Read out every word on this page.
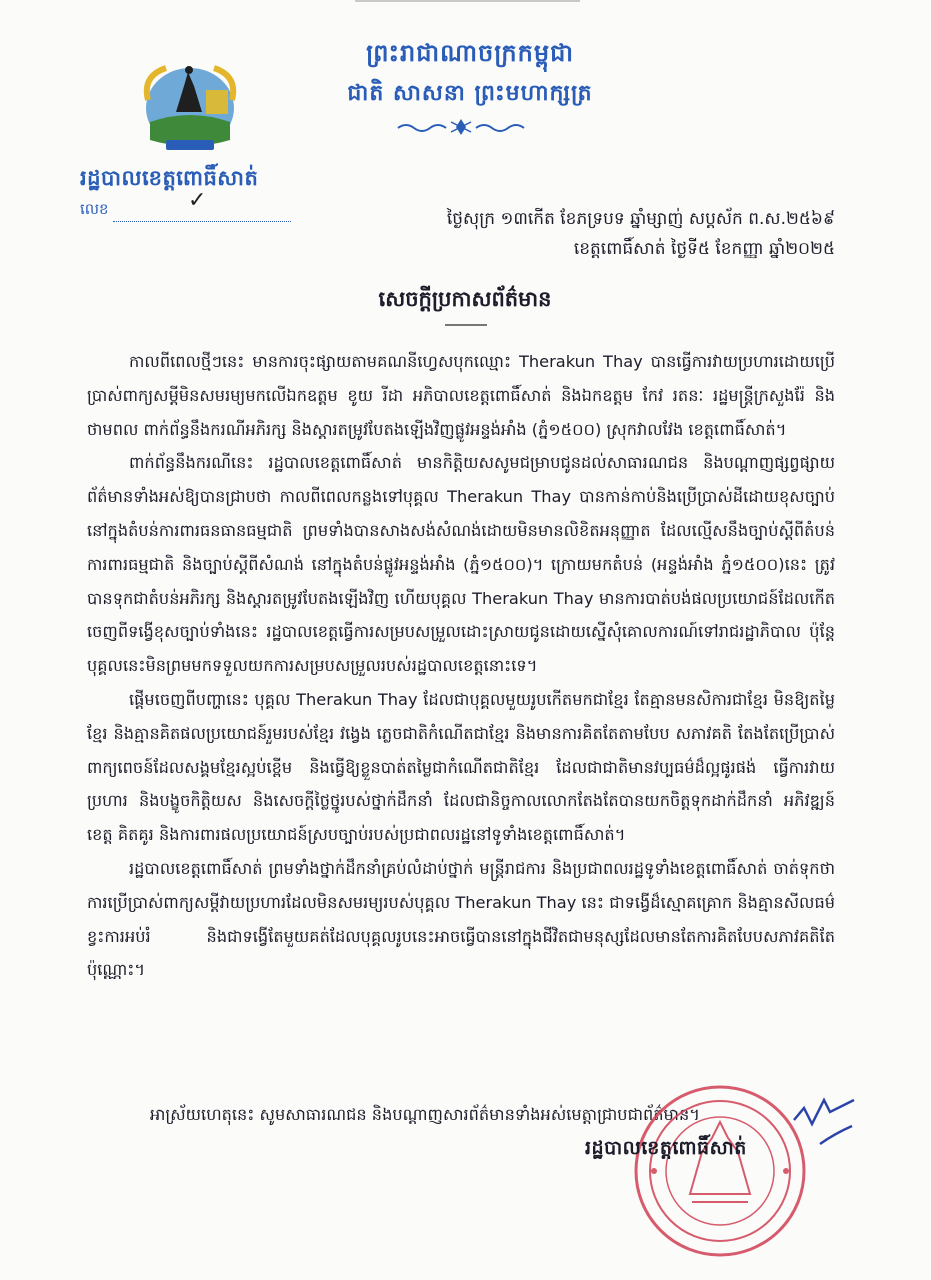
ព្រះរាជាណាចក្រកម្ពុជា
ជាតិ សាសនា ព្រះមហាក្សត្រ
រដ្ឋបាលខេត្តពោធិ៍សាត់
លេខ	✓
ថ្ងៃសុក្រ ១៣កើត ខែភទ្របទ ឆ្នាំម្សាញ់ សប្តស័ក ព.ស.២៥៦៩
ខេត្តពោធិ៍សាត់ ថ្ងៃទី៥ ខែកញ្ញា ឆ្នាំ២០២៥
សេចក្ដីប្រកាសព័ត៌មាន

កាលពីពេលថ្មីៗនេះ មានការចុះផ្សាយតាមគណនីហ្វេសបុកឈ្មោះ Therakun Thay បានធ្វើការវាយប្រហារដោយប្រើប្រាស់ពាក្យសម្តីមិនសមរម្យមកលើឯកឧត្តម ខូយ រីដា អភិបាលខេត្តពោធិ៍សាត់ និងឯកឧត្តម កែវ រតនៈ រដ្ឋមន្ត្រីក្រសួងរ៉ែ និងថាមពល ពាក់ព័ន្ធនឹងករណីអភិរក្ស និងស្តារតម្រូវបែតងឡើងវិញផ្លូវអន្ទង់អាំង (ភ្នំ១៥០០) ស្រុកវាលវែង ខេត្តពោធិ៍សាត់។

ពាក់ព័ន្ធនឹងករណីនេះ រដ្ឋបាលខេត្តពោធិ៍សាត់ មានកិត្តិយសសូមជម្រាបជូនដល់សាធារណជន និងបណ្តាញផ្សព្វផ្សាយព័ត៌មានទាំងអស់ឱ្យបានជ្រាបថា កាលពីពេលកន្លងទៅបុគ្គល Therakun Thay បានកាន់កាប់និងប្រើប្រាស់ដីដោយខុសច្បាប់នៅក្នុងតំបន់ការពារធនធានធម្មជាតិ ព្រមទាំងបានសាងសង់សំណង់ដោយមិនមានលិខិតអនុញ្ញាត ដែលល្មើសនឹងច្បាប់ស្តីពីតំបន់ការពារធម្មជាតិ និងច្បាប់ស្តីពីសំណង់ នៅក្នុងតំបន់ផ្លូវអន្ទង់អាំង (ភ្នំ១៥០០)។ ក្រោយមកតំបន់ (អន្ទង់អាំង ភ្នំ១៥០០)នេះ ត្រូវបានទុកជាតំបន់អភិរក្ស និងស្តារតម្រូវបែតងឡើងវិញ ហើយបុគ្គល Therakun Thay មានការបាត់បង់ផលប្រយោជន៍ដែលកើតចេញពីទង្វើខុសច្បាប់ទាំងនេះ រដ្ឋបាលខេត្តធ្វើការសម្របសម្រួលដោះស្រាយជូនដោយស្នើសុំគោលការណ៍ទៅរាជរដ្ឋាភិបាល ប៉ុន្តែបុគ្គលនេះមិនព្រមមកទទួលយកការសម្របសម្រួលរបស់រដ្ឋបាលខេត្តនោះទេ។

ផ្តើមចេញពីបញ្ហានេះ បុគ្គល Therakun Thay ដែលជាបុគ្គលមួយរូបកើតមកជាខ្មែរ តែគ្មានមនសិការជាខ្មែរ មិនឱ្យតម្លៃខ្មែរ និងគ្មានគិតផលប្រយោជន៍រួមរបស់ខ្មែរ វង្វេង ភ្លេចជាតិកំណើតជាខ្មែរ និងមានការគិតតែតាមបែប សភាវគតិ តែងតែប្រើប្រាស់ពាក្យពេចន៍ដែលសង្គមខ្មែរស្អប់ខ្ពើម និងធ្វើឱ្យខ្លួនបាត់តម្លៃជាកំណើតជាតិខ្មែរ ដែលជាជាតិមានវប្បធម៌ដ៏ល្អផូរផង់ ធ្វើការវាយប្រហារ និងបង្ខូចកិត្តិយស និងសេចក្តីថ្លៃថ្នូរបស់ថ្នាក់ដឹកនាំ ដែលជានិច្ចកាលលោកតែងតែបានយកចិត្តទុកដាក់ដឹកនាំ អភិវឌ្ឍន៍ខេត្ត គិតគូរ និងការពារផលប្រយោជន៍ស្របច្បាប់របស់ប្រជាពលរដ្ឋនៅទូទាំងខេត្តពោធិ៍សាត់។

រដ្ឋបាលខេត្តពោធិ៍សាត់ ព្រមទាំងថ្នាក់ដឹកនាំគ្រប់លំដាប់ថ្នាក់ មន្ត្រីរាជការ និងប្រជាពលរដ្ឋទូទាំងខេត្តពោធិ៍សាត់ ចាត់ទុកថាការប្រើប្រាស់ពាក្យសម្តីវាយប្រហារដែលមិនសមរម្យរបស់បុគ្គល Therakun Thay នេះ ជាទង្វើដ៏ស្មោគគ្រោក និងគ្មានសីលធម៌ ខ្វះការអប់រំ និងជាទង្វើតែមួយគត់ដែលបុគ្គលរូបនេះអាចធ្វើបាននៅក្នុងជីវិតជាមនុស្សដែលមានតែការគិតបែបសភាវគតិតែប៉ុណ្ណោះ។

អាស្រ័យហេតុនេះ សូមសាធារណជន និងបណ្តាញសារព័ត៌មានទាំងអស់មេត្តាជ្រាបជាព័ត៌មាន។
រដ្ឋបាលខេត្តពោធិ៍សាត់
